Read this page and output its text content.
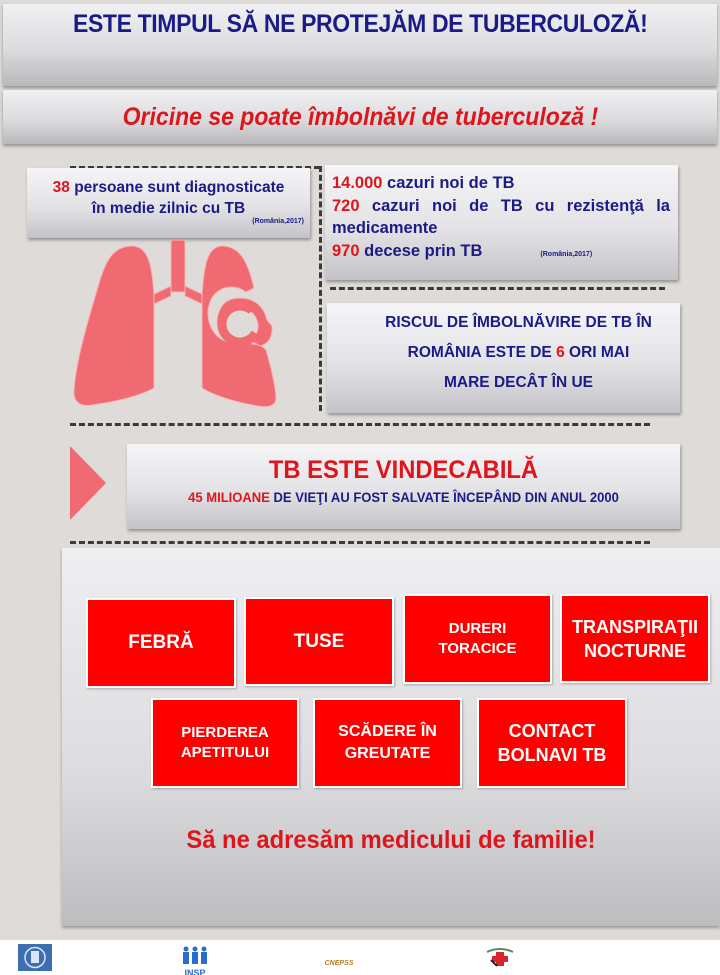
ESTE TIMPUL SĂ NE PROTEJĂM DE TUBERCULOZĂ!
Oricine se poate îmbolnăvi de tuberculoză !
38 persoane sunt diagnosticate
în medie zilnic cu TB
(România,2017)
14.000 cazuri noi de TB
720 cazuri noi de TB cu rezistenţă la
medicamente
970 decese prin TB	(România,2017)
RISCUL DE ÎMBOLNĂVIRE DE TB ÎN
ROMÂNIA ESTE DE 6 ORI MAI
MARE DECÂT ÎN UE
TB ESTE VINDECABILĂ
45 MILIOANE DE VIEŢI AU FOST SALVATE ÎNCEPÂND DIN ANUL 2000
FEBRĂ	TUSE
DURERI
TORACICE
TRANSPIRAŢII
NOCTURNE
PIERDEREA
APETITULUI
SCĂDERE ÎN
GREUTATE
CONTACT
BOLNAVI TB
Să ne adresăm medicului de familie!
INSP
CNEPSS
